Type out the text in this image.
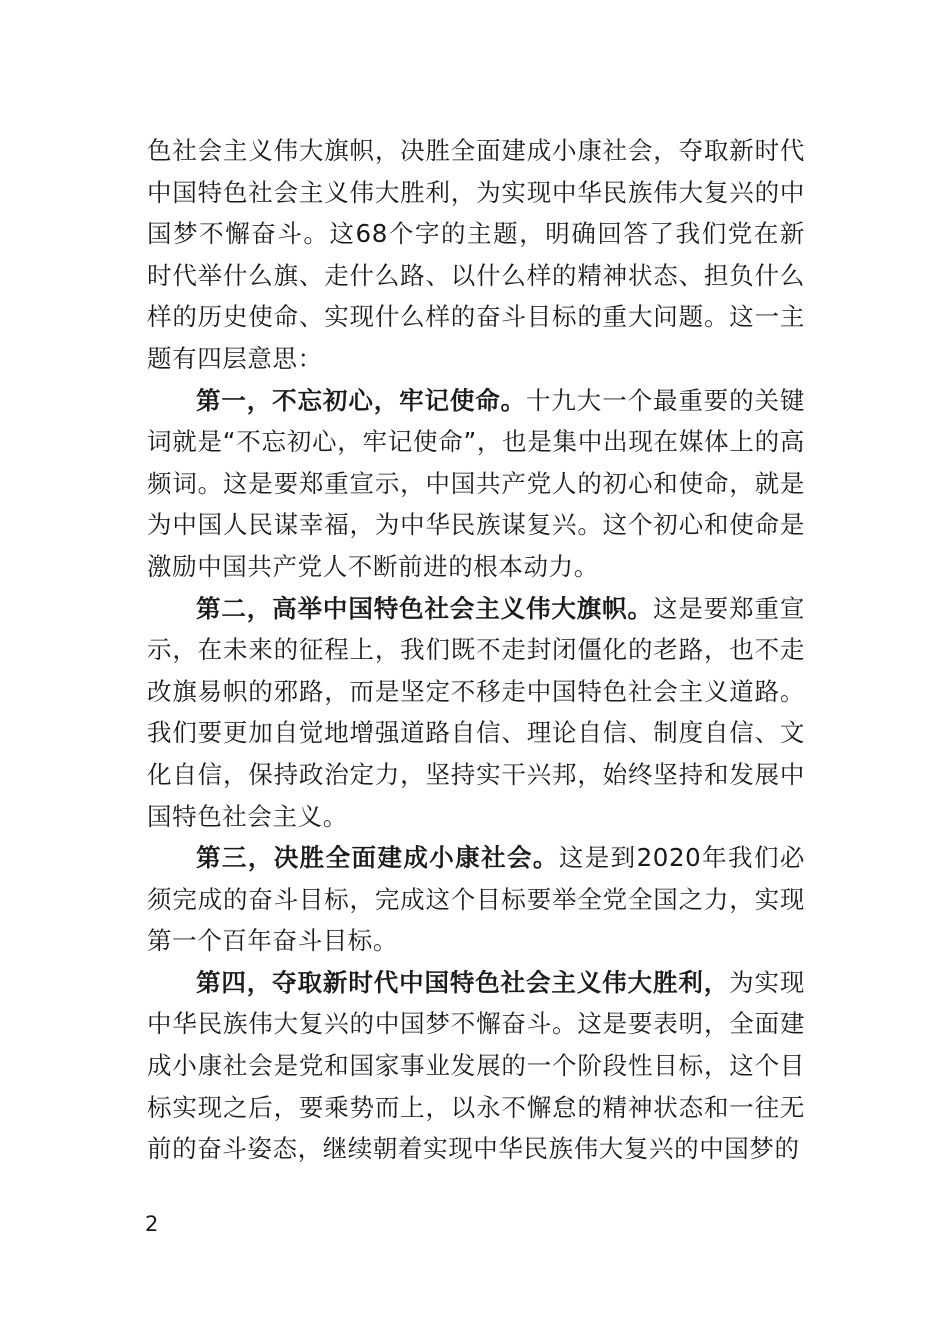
色社会主义伟大旗帜，决胜全面建成小康社会，夺取新时代中国特色社会主义伟大胜利，为实现中华民族伟大复兴的中国梦不懈奋斗。这68个字的主题，明确回答了我们党在新时代举什么旗、走什么路、以什么样的精神状态、担负什么样的历史使命、实现什么样的奋斗目标的重大问题。这一主题有四层意思：

第一，不忘初心，牢记使命。十九大一个最重要的关键词就是“不忘初心，牢记使命”，也是集中出现在媒体上的高频词。这是要郑重宣示，中国共产党人的初心和使命，就是为中国人民谋幸福，为中华民族谋复兴。这个初心和使命是激励中国共产党人不断前进的根本动力。

第二，高举中国特色社会主义伟大旗帜。这是要郑重宣示，在未来的征程上，我们既不走封闭僵化的老路，也不走改旗易帜的邪路，而是坚定不移走中国特色社会主义道路。我们要更加自觉地增强道路自信、理论自信、制度自信、文化自信，保持政治定力，坚持实干兴邦，始终坚持和发展中国特色社会主义。

第三，决胜全面建成小康社会。这是到2020年我们必须完成的奋斗目标，完成这个目标要举全党全国之力，实现第一个百年奋斗目标。

第四，夺取新时代中国特色社会主义伟大胜利，为实现中华民族伟大复兴的中国梦不懈奋斗。这是要表明，全面建成小康社会是党和国家事业发展的一个阶段性目标，这个目标实现之后，要乘势而上，以永不懈怠的精神状态和一往无前的奋斗姿态，继续朝着实现中华民族伟大复兴的中国梦的

2
